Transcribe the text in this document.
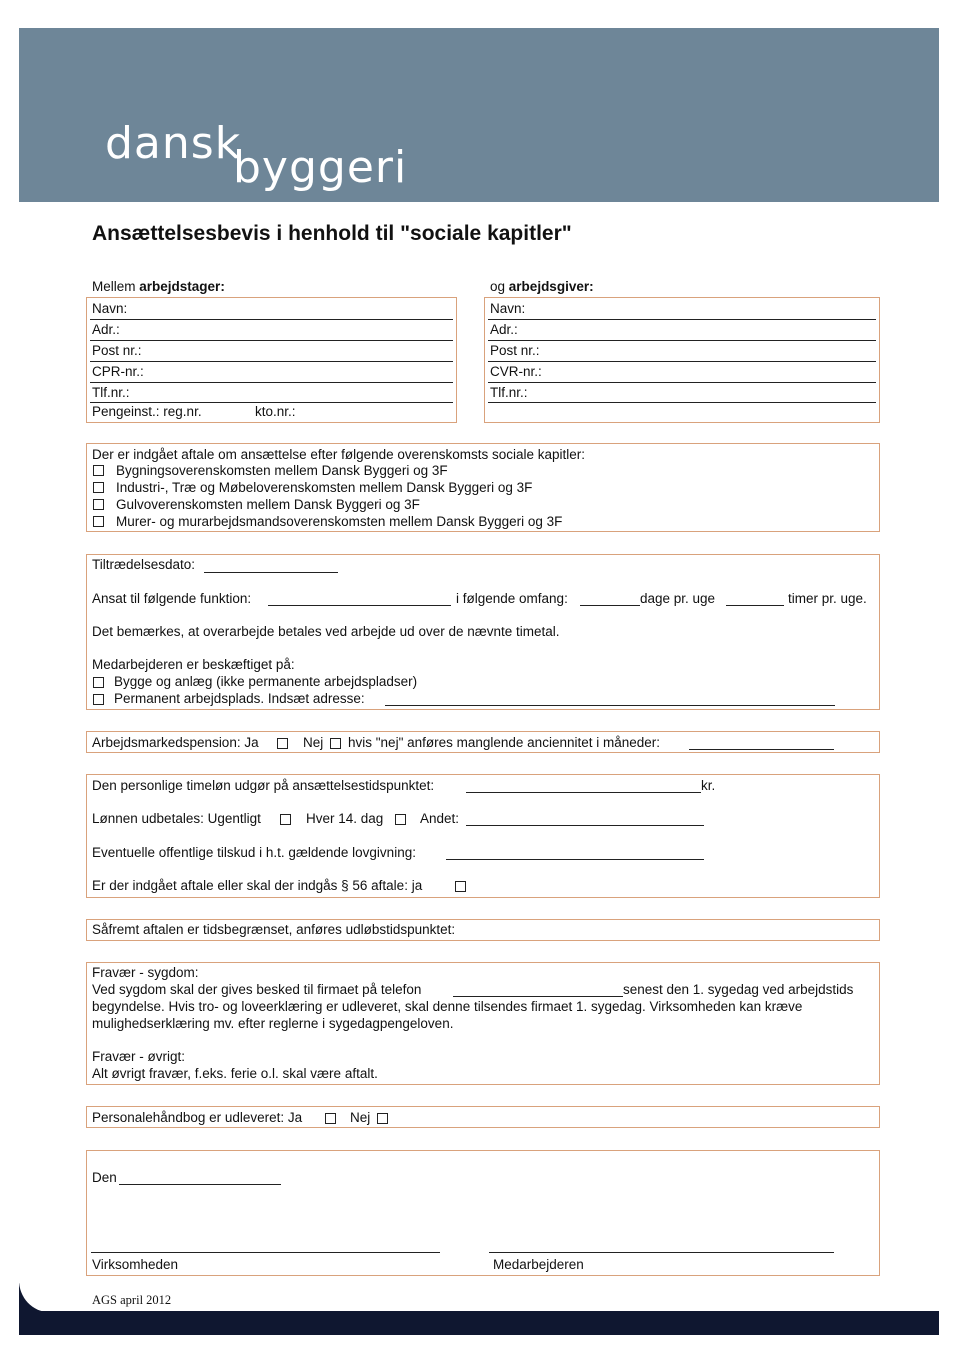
dansk
byggeri
Ansættelsesbevis i henhold til "sociale kapitler"
Mellem arbejdstager:	og arbejdsgiver:
Navn:
Adr.:
Post nr.:
CPR-nr.:
Tlf.nr.:
Pengeinst.: reg.nr.	kto.nr.:
Navn:
Adr.:
Post nr.:
CVR-nr.:
Tlf.nr.:
Der er indgået aftale om ansættelse efter følgende overenskomsts sociale kapitler:
Bygningsoverenskomsten mellem Dansk Byggeri og 3F
Industri-, Træ og Møbeloverenskomsten mellem Dansk Byggeri og 3F
Gulvoverenskomsten mellem Dansk Byggeri og 3F
Murer- og murarbejdsmandsoverenskomsten mellem Dansk Byggeri og 3F
Tiltrædelsesdato:
Ansat til følgende funktion:	i følgende omfang:	dage pr. uge	timer pr. uge.
Det bemærkes, at overarbejde betales ved arbejde ud over de nævnte timetal.
Medarbejderen er beskæftiget på:
Bygge og anlæg (ikke permanente arbejdspladser)
Permanent arbejdsplads. Indsæt adresse:
Arbejdsmarkedspension: Ja	Nej hvis "nej" anføres manglende anciennitet i måneder:
Den personlige timeløn udgør på ansættelsestidspunktet:	kr.
Lønnen udbetales: Ugentligt	Hver 14. dag	Andet:
Eventuelle offentlige tilskud i h.t. gældende lovgivning:
Er der indgået aftale eller skal der indgås § 56 aftale: ja
Såfremt aftalen er tidsbegrænset, anføres udløbstidspunktet:
Fravær - sygdom:
Ved sygdom skal der gives besked til firmaet på telefon	senest den 1. sygedag ved arbejdstids
begyndelse. Hvis tro- og loveerklæring er udleveret, skal denne tilsendes firmaet 1. sygedag. Virksomheden kan kræve
mulighedserklæring mv. efter reglerne i sygedagpengeloven.
Fravær - øvrigt:
Alt øvrigt fravær, f.eks. ferie o.l. skal være aftalt.
Personalehåndbog er udleveret: Ja	Nej
Den
Virksomheden	Medarbejderen
AGS april 2012
